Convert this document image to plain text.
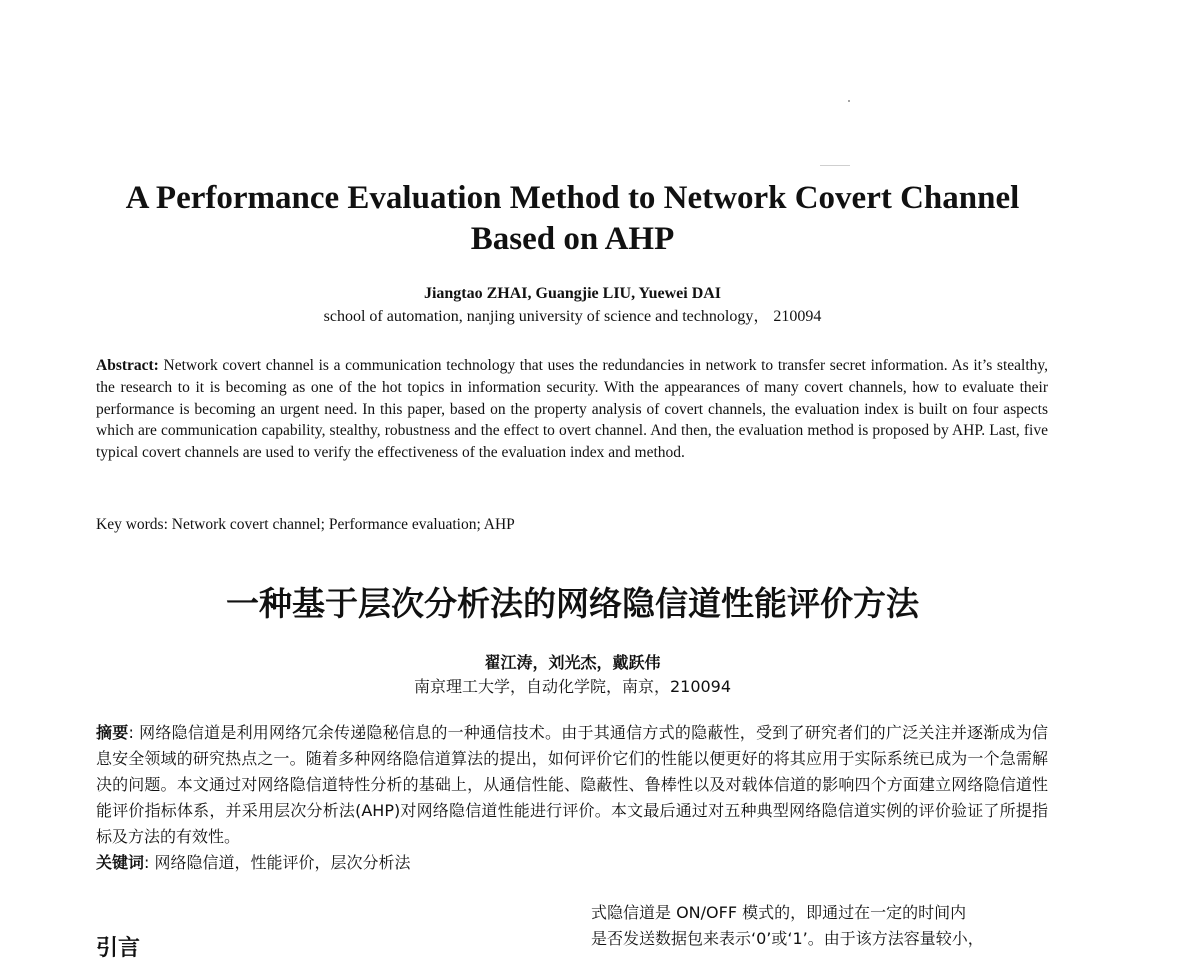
A Performance Evaluation Method to Network Covert Channel Based on AHP
Jiangtao ZHAI, Guangjie LIU, Yuewei DAI
school of automation, nanjing university of science and technology， 210094
Abstract: Network covert channel is a communication technology that uses the redundancies in network to transfer secret information. As it’s stealthy, the research to it is becoming as one of the hot topics in information security. With the appearances of many covert channels, how to evaluate their performance is becoming an urgent need. In this paper, based on the property analysis of covert channels, the evaluation index is built on four aspects which are communication capability, stealthy, robustness and the effect to overt channel. And then, the evaluation method is proposed by AHP. Last, five typical covert channels are used to verify the effectiveness of the evaluation index and method.
Key words: Network covert channel; Performance evaluation; AHP
一种基于层次分析法的网络隐信道性能评价方法
翟江涛，刘光杰，戴跃伟
南京理工大学，自动化学院，南京，210094
摘要: 网络隐信道是利用网络冗余传递隐秘信息的一种通信技术。由于其通信方式的隐蔽性，受到了研究者们的广泛关注并逐渐成为信息安全领域的研究热点之一。随着多种网络隐信道算法的提出，如何评价它们的性能以便更好的将其应用于实际系统已成为一个急需解决的问题。本文通过对网络隐信道特性分析的基础上，从通信性能、隐蔽性、鲁棒性以及对载体信道的影响四个方面建立网络隐信道性能评价指标体系，并采用层次分析法(AHP)对网络隐信道性能进行评价。本文最后通过对五种典型网络隐信道实例的评价验证了所提指标及方法的有效性。
关键词: 网络隐信道，性能评价，层次分析法
引言

式隐信道是 ON/OFF 模式的，即通过在一定的时间内

是否发送数据包来表示‘0’或‘1’。由于该方法容量较小，
